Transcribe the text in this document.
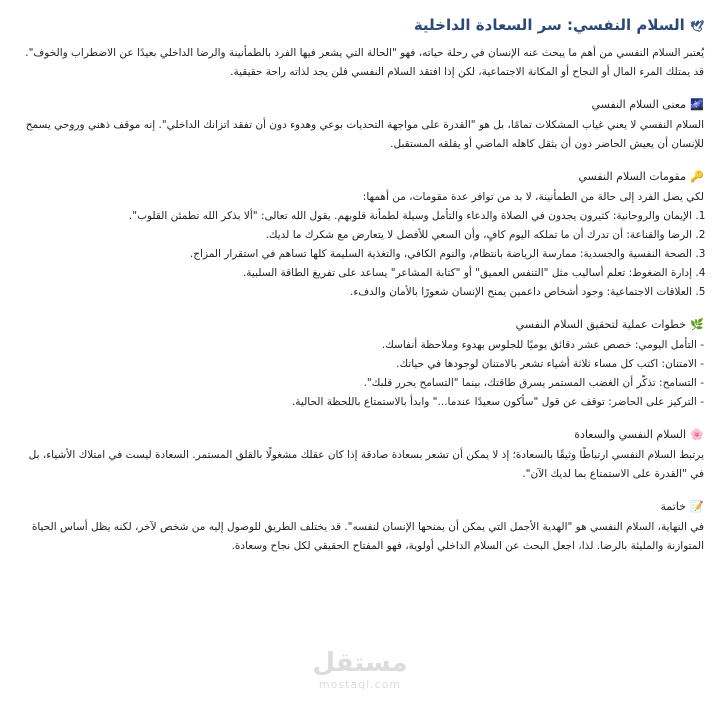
🕊 السلام النفسي: سر السعادة الداخلية

يُعتبر السلام النفسي من أهم ما يبحث عنه الإنسان في رحلة حياته، فهو "الحالة التي يشعر فيها الفرد بالطمأنينة والرضا الداخلي بعيدًا عن الاضطراب والخوف". قد يمتلك المرء المال أو النجاح أو المكانة الاجتماعية، لكن إذا افتقد السلام النفسي فلن يجد لذاته راحة حقيقية.

🌌
معنى السلام النفسي

السلام النفسي لا يعني غياب المشكلات تمامًا، بل هو "القدرة على مواجهة التحديات بوعي وهدوء دون أن تفقد اتزانك الداخلي". إنه موقف ذهني وروحي يسمح للإنسان أن يعيش الحاضر دون أن يثقل كاهله الماضي أو يقلقه المستقبل.

🔑
مقومات السلام النفسي

لكي يصل الفرد إلى حالة من الطمأنينة، لا بد من توافر عدة مقومات، من أهمها:

1. الإيمان والروحانية: كثيرون يجدون في الصلاة والدعاء والتأمل وسيلة لطمأنة قلوبهم. يقول الله تعالى: "ألا بذكر الله تطمئن القلوب".
2. الرضا والقناعة: أن تدرك أن ما تملكه اليوم كافٍ، وأن السعي للأفضل لا يتعارض مع شكرك ما لديك.
3. الصحة النفسية والجسدية: ممارسة الرياضة بانتظام، والنوم الكافي، والتغذية السليمة كلها تساهم في استقرار المزاج.
4. إدارة الضغوط: تعلم أساليب مثل "التنفس العميق" أو "كتابة المشاعر" يساعد على تفريغ الطاقة السلبية.
5. العلاقات الاجتماعية: وجود أشخاص داعمين يمنح الإنسان شعورًا بالأمان والدفء.
🌿
خطوات عملية لتحقيق السلام النفسي
- التأمل اليومي: خصص عشر دقائق يوميًا للجلوس بهدوء وملاحظة أنفاسك.
- الامتنان: اكتب كل مساء ثلاثة أشياء تشعر بالامتنان لوجودها في حياتك.
- التسامح: تذكّر أن الغضب المستمر يسرق طاقتك، بينما "التسامح يحرر قلبك".
- التركيز على الحاضر: توقف عن قول "سأكون سعيدًا عندما..." وابدأ بالاستمتاع باللحظة الحالية.
🌸
السلام النفسي والسعادة

يرتبط السلام النفسي ارتباطًا وثيقًا بالسعادة؛ إذ لا يمكن أن تشعر بسعادة صادقة إذا كان عقلك مشغولًا بالقلق المستمر. السعادة ليست في امتلاك الأشياء، بل في "القدرة على الاستمتاع بما لديك الآن".

📝
خاتمة

في النهاية، السلام النفسي هو "الهدية الأجمل التي يمكن أن يمنحها الإنسان لنفسه". قد يختلف الطريق للوصول إليه من شخص لآخر، لكنه يظل أساس الحياة المتوازنة والمليئة بالرضا. لذا، اجعل البحث عن السلام الداخلي أولوية، فهو المفتاح الحقيقي لكل نجاح وسعادة.

مستقل
mostaql.com
